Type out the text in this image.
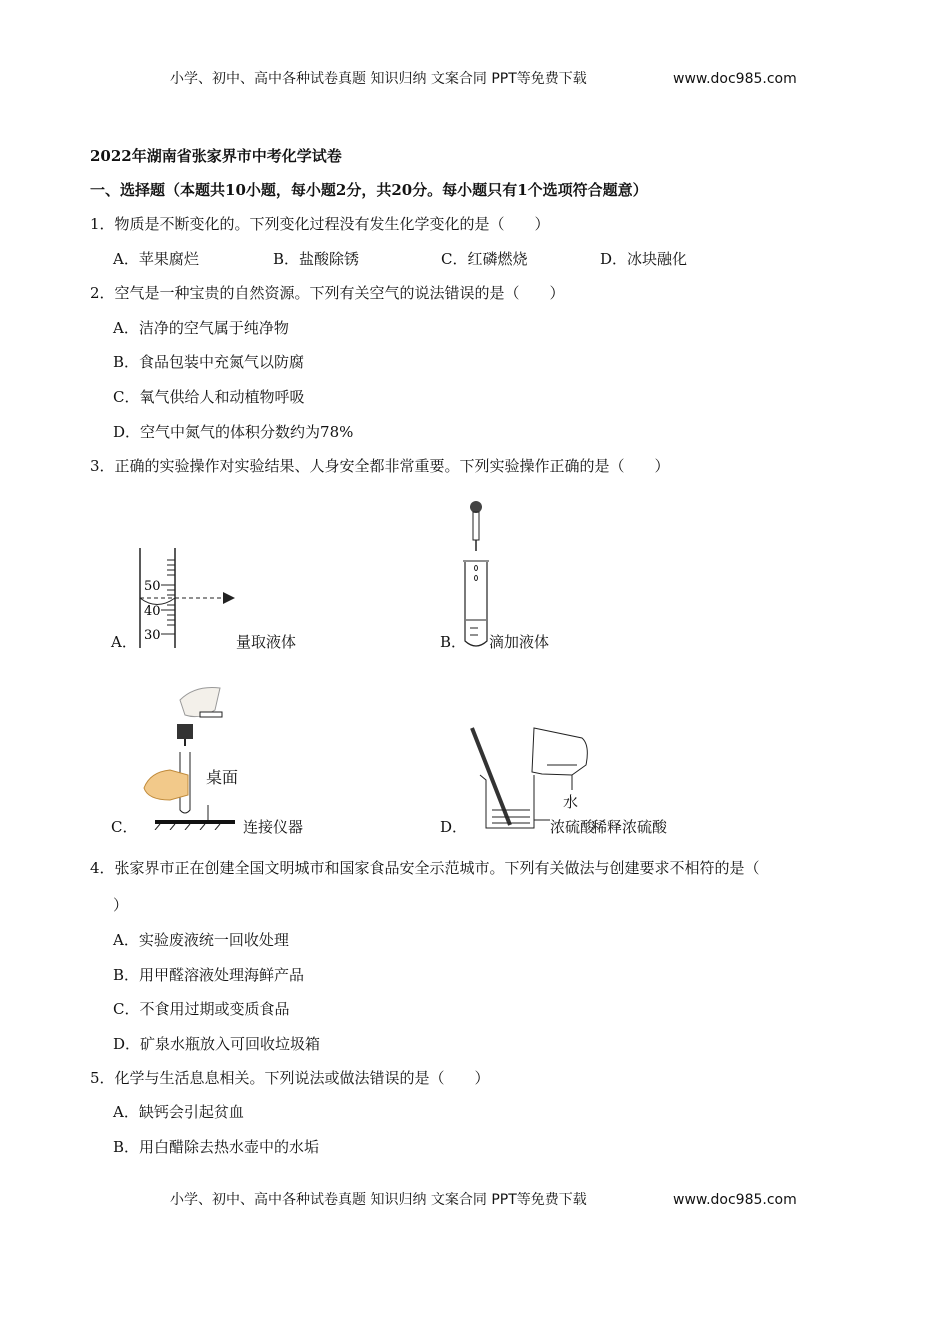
小学、初中、高中各种试卷真题 知识归纳 文案合同 PPT等免费下载	www.doc985.com
2022年湖南省张家界市中考化学试卷
一、选择题（本题共10小题，每小题2分，共20分。每小题只有1个选项符合题意）
1．物质是不断变化的。下列变化过程没有发生化学变化的是（　　）
A．苹果腐烂	B．盐酸除锈	C．红磷燃烧	D．冰块融化
2．空气是一种宝贵的自然资源。下列有关空气的说法错误的是（　　）
A．洁净的空气属于纯净物
B．食品包装中充氮气以防腐
C．氧气供给人和动植物呼吸
D．空气中氮气的体积分数约为78%
3．正确的实验操作对实验结果、人身安全都非常重要。下列实验操作正确的是（　　）
A．
50
40
30	量取液体	B． 滴加液体
C．
桌面
连接仪器	D．
水
浓硫酸
稀释浓硫酸
4．张家界市正在创建全国文明城市和国家食品安全示范城市。下列有关做法与创建要求不相符的是（
）
A．实验废液统一回收处理
B．用甲醛溶液处理海鲜产品
C．不食用过期或变质食品
D．矿泉水瓶放入可回收垃圾箱
5．化学与生活息息相关。下列说法或做法错误的是（　　）
A．缺钙会引起贫血
B．用白醋除去热水壶中的水垢
小学、初中、高中各种试卷真题 知识归纳 文案合同 PPT等免费下载	www.doc985.com
